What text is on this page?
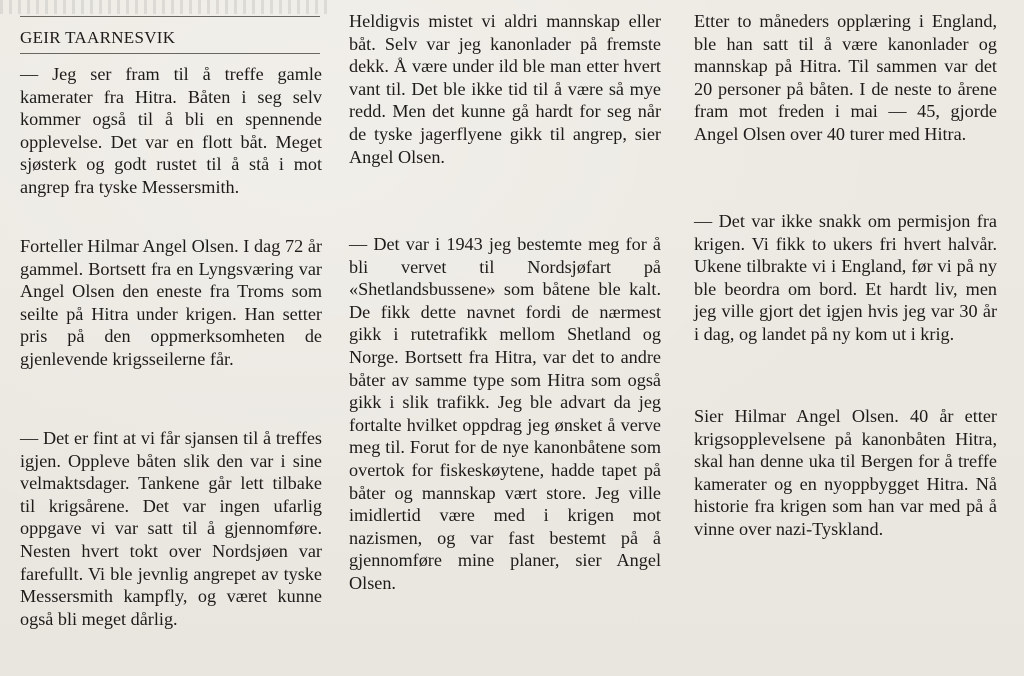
GEIR TAARNESVIK

— Jeg ser fram til å treffe gamle kamerater fra Hitra. Båten i seg selv kommer også til å bli en spennende opplevelse. Det var en flott båt. Meget sjøsterk og godt rustet til å stå i mot angrep fra tyske Messersmith.

Forteller Hilmar Angel Olsen. I dag 72 år gammel. Bortsett fra en Lyngsværing var Angel Olsen den eneste fra Troms som seilte på Hitra under krigen. Han setter pris på den oppmerksomheten de gjenlevende krigsseilerne får.

— Det er fint at vi får sjansen til å treffes igjen. Oppleve båten slik den var i sine velmaktsdager. Tankene går lett tilbake til krigsårene. Det var ingen ufarlig oppgave vi var satt til å gjennomføre. Nesten hvert tokt over Nordsjøen var farefullt. Vi ble jevnlig angrepet av tyske Messersmith kampfly, og været kunne også bli meget dårlig.

Heldigvis mistet vi aldri mannskap eller båt. Selv var jeg kanonlader på fremste dekk. Å være under ild ble man etter hvert vant til. Det ble ikke tid til å være så mye redd. Men det kunne gå hardt for seg når de tyske jagerflyene gikk til angrep, sier Angel Olsen.

— Det var i 1943 jeg bestemte meg for å bli vervet til Nordsjøfart på «Shetlandsbussene» som båtene ble kalt. De fikk dette navnet fordi de nærmest gikk i rutetrafikk mellom Shetland og Norge. Bortsett fra Hitra, var det to andre båter av samme type som Hitra som også gikk i slik trafikk. Jeg ble advart da jeg fortalte hvilket oppdrag jeg ønsket å verve meg til. Forut for de nye kanonbåtene som overtok for fiskeskøytene, hadde tapet på båter og mannskap vært store. Jeg ville imidlertid være med i krigen mot nazismen, og var fast bestemt på å gjennomføre mine planer, sier Angel Olsen.

Etter to måneders opplæring i England, ble han satt til å være kanonlader og mannskap på Hitra. Til sammen var det 20 personer på båten. I de neste to årene fram mot freden i mai — 45, gjorde Angel Olsen over 40 turer med Hitra.

— Det var ikke snakk om permisjon fra krigen. Vi fikk to ukers fri hvert halvår. Ukene tilbrakte vi i England, før vi på ny ble beordra om bord. Et hardt liv, men jeg ville gjort det igjen hvis jeg var 30 år i dag, og landet på ny kom ut i krig.

Sier Hilmar Angel Olsen. 40 år etter krigsopplevelsene på kanonbåten Hitra, skal han denne uka til Bergen for å treffe kamerater og en nyoppbygget Hitra. Nå historie fra krigen som han var med på å vinne over nazi-Tyskland.
